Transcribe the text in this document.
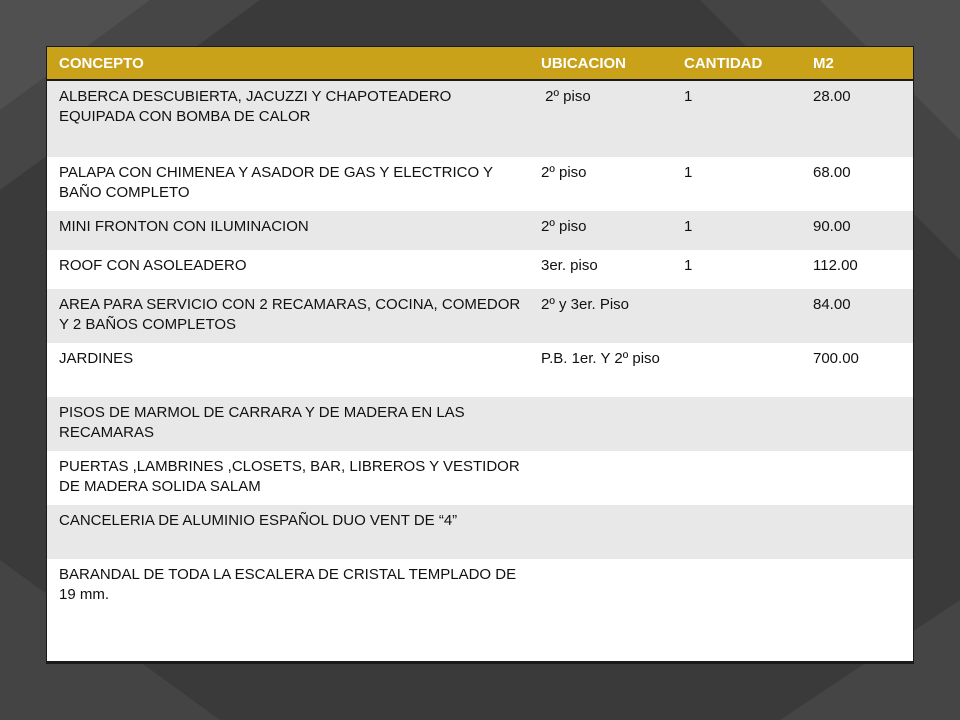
CONCEPTO	UBICACION	CANTIDAD	M2
ALBERCA DESCUBIERTA, JACUZZI Y CHAPOTEADERO EQUIPADA CON BOMBA DE CALOR	2º piso	1	28.00
PALAPA CON CHIMENEA Y ASADOR DE GAS Y ELECTRICO Y BAÑO COMPLETO	2º piso	1	68.00
MINI FRONTON CON ILUMINACION	2º piso	1	90.00
ROOF CON ASOLEADERO	3er. piso	1	112.00
AREA PARA SERVICIO CON 2 RECAMARAS, COCINA, COMEDOR Y 2 BAÑOS COMPLETOS	2º y 3er. Piso		84.00
JARDINES	P.B. 1er. Y 2º piso		700.00
PISOS DE MARMOL DE CARRARA Y DE MADERA EN LAS RECAMARAS			
PUERTAS ,LAMBRINES ,CLOSETS, BAR, LIBREROS Y VESTIDOR DE MADERA SOLIDA SALAM			
CANCELERIA DE ALUMINIO ESPAÑOL DUO VENT DE “4”			
BARANDAL DE TODA LA ESCALERA DE CRISTAL TEMPLADO DE 19 mm.			
